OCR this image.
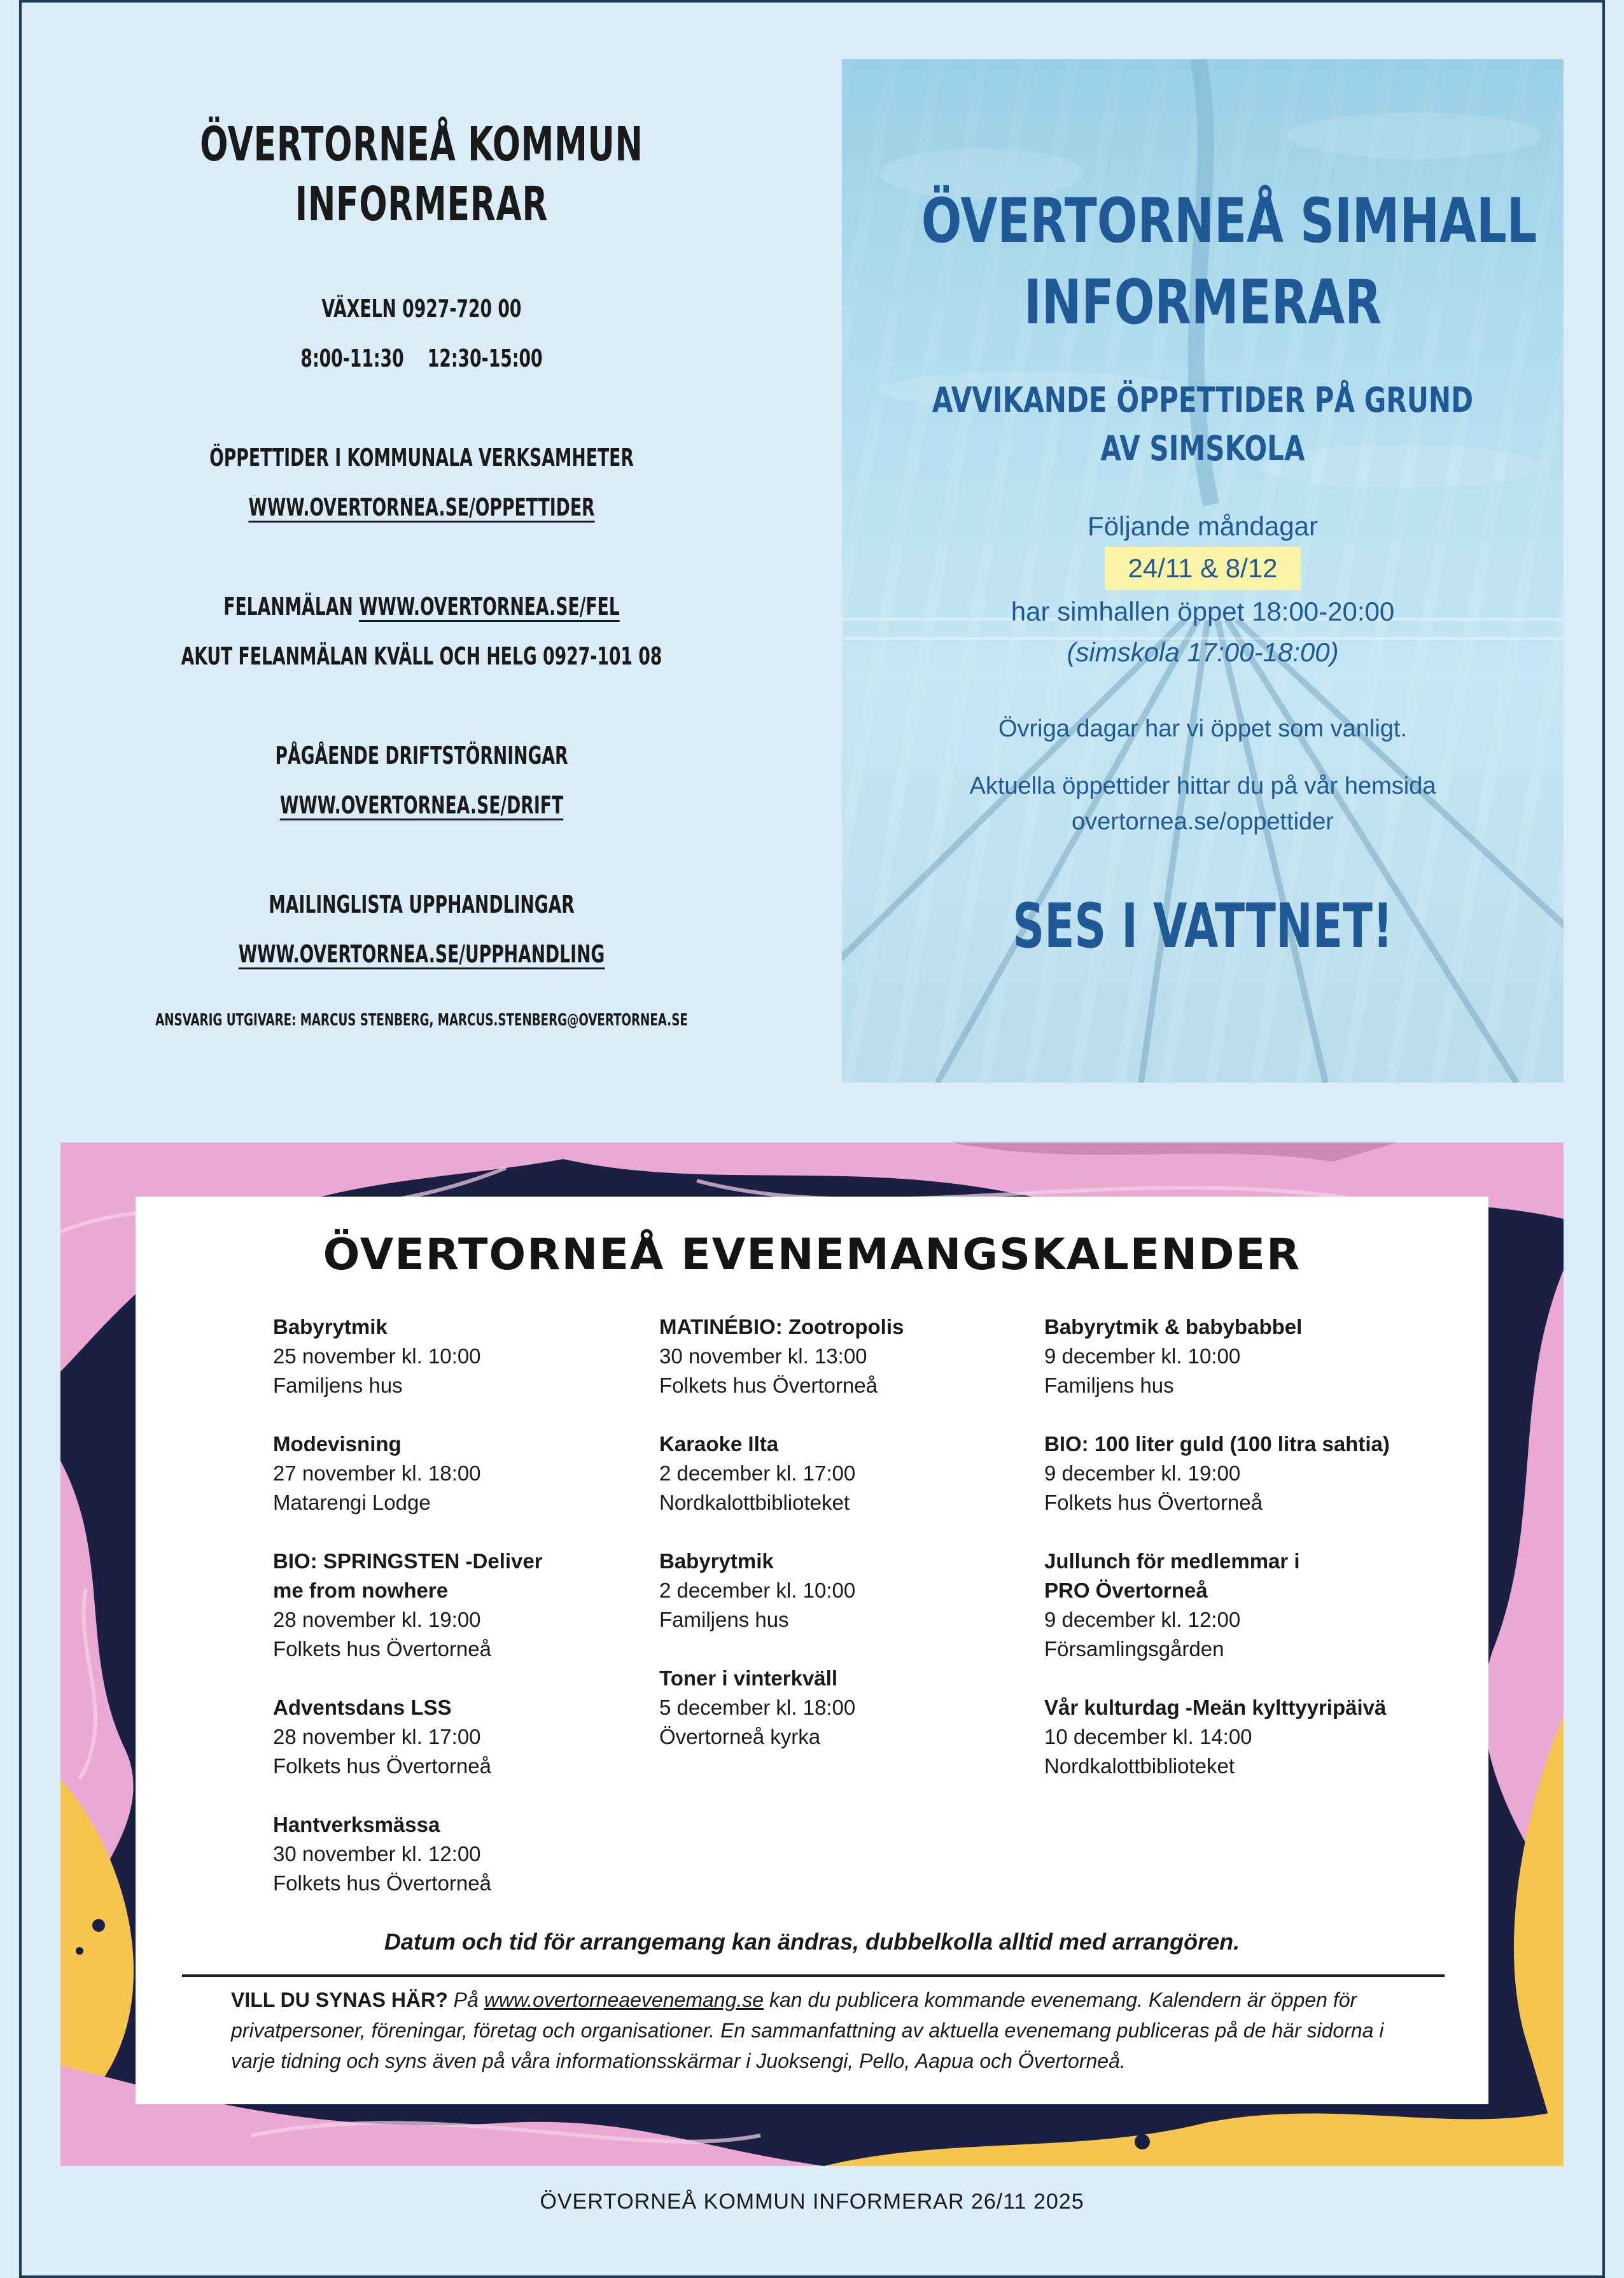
ÖVERTORNEÅ KOMMUN
INFORMERAR
VÄXELN 0927-720 00
8:00-11:30    12:30-15:00
ÖPPETTIDER I KOMMUNALA VERKSAMHETER
WWW.OVERTORNEA.SE/OPPETTIDER
FELANMÄLAN WWW.OVERTORNEA.SE/FEL
AKUT FELANMÄLAN KVÄLL OCH HELG 0927-101 08
PÅGÅENDE DRIFTSTÖRNINGAR
WWW.OVERTORNEA.SE/DRIFT
MAILINGLISTA UPPHANDLINGAR
WWW.OVERTORNEA.SE/UPPHANDLING
ANSVARIG UTGIVARE: MARCUS STENBERG, MARCUS.STENBERG@OVERTORNEA.SE
ÖVERTORNEÅ SIMHALL
INFORMERAR
AVVIKANDE ÖPPETTIDER PÅ GRUND
AV SIMSKOLA
Följande måndagar
24/11 & 8/12
har simhallen öppet 18:00-20:00
(simskola 17:00-18:00)
Övriga dagar har vi öppet som vanligt.
Aktuella öppettider hittar du på vår hemsida
overtornea.se/oppettider
SES I VATTNET!
ÖVERTORNEÅ EVENEMANGSKALENDER
Babyrytmik
25 november kl. 10:00
Familjens hus
Modevisning
27 november kl. 18:00
Matarengi Lodge
BIO: SPRINGSTEN -Deliver me from nowhere
28 november kl. 19:00
Folkets hus Övertorneå
Adventsdans LSS
28 november kl. 17:00
Folkets hus Övertorneå
Hantverksmässa
30 november kl. 12:00
Folkets hus Övertorneå
MATINÉBIO: Zootropolis
30 november kl. 13:00
Folkets hus Övertorneå
Karaoke Ilta
2 december kl. 17:00
Nordkalottbiblioteket
Babyrytmik
2 december kl. 10:00
Familjens hus
Toner i vinterkväll
5 december kl. 18:00
Övertorneå kyrka
Babyrytmik & babybabbel
9 december kl. 10:00
Familjens hus
BIO: 100 liter guld (100 litra sahtia)
9 december kl. 19:00
Folkets hus Övertorneå
Jullunch för medlemmar i PRO Övertorneå
9 december kl. 12:00
Församlingsgården
Vår kulturdag -Meän kylttyyripäivä
10 december kl. 14:00
Nordkalottbiblioteket
Datum och tid för arrangemang kan ändras, dubbelkolla alltid med arrangören.

VILL DU SYNAS HÄR? På www.overtorneaevenemang.se kan du publicera kommande evenemang. Kalendern är öppen för privatpersoner, föreningar, företag och organisationer. En sammanfattning av aktuella evenemang publiceras på de här sidorna i varje tidning och syns även på våra informationsskärmar i Juoksengi, Pello, Aapua och Övertorneå.

ÖVERTORNEÅ KOMMUN INFORMERAR 26/11 2025
